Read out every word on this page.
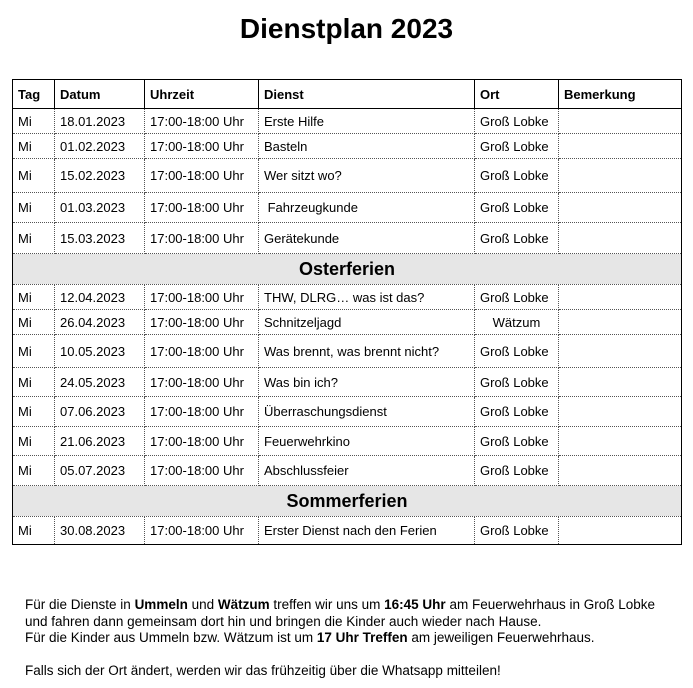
Dienstplan 2023
Tag	Datum	Uhrzeit	Dienst	Ort	Bemerkung
Mi	18.01.2023	17:00-18:00 Uhr	Erste Hilfe	Groß Lobke	
Mi	01.02.2023	17:00-18:00 Uhr	Basteln	Groß Lobke	
Mi	15.02.2023	17:00-18:00 Uhr	Wer sitzt wo?	Groß Lobke	
Mi	01.03.2023	17:00-18:00 Uhr	Fahrzeugkunde	Groß Lobke	
Mi	15.03.2023	17:00-18:00 Uhr	Gerätekunde	Groß Lobke	
Osterferien					
Mi	12.04.2023	17:00-18:00 Uhr	THW, DLRG… was ist das?	Groß Lobke	
Mi	26.04.2023	17:00-18:00 Uhr	Schnitzeljagd	Wätzum	
Mi	10.05.2023	17:00-18:00 Uhr	Was brennt, was brennt nicht?	Groß Lobke	
Mi	24.05.2023	17:00-18:00 Uhr	Was bin ich?	Groß Lobke	
Mi	07.06.2023	17:00-18:00 Uhr	Überraschungsdienst	Groß Lobke	
Mi	21.06.2023	17:00-18:00 Uhr	Feuerwehrkino	Groß Lobke	
Mi	05.07.2023	17:00-18:00 Uhr	Abschlussfeier	Groß Lobke	
Sommerferien					
Mi	30.08.2023	17:00-18:00 Uhr	Erster Dienst nach den Ferien	Groß Lobke	

Für die Dienste in Ummeln und Wätzum treffen wir uns um 16:45 Uhr am Feuerwehrhaus in Groß Lobke und fahren dann gemeinsam dort hin und bringen die Kinder auch wieder nach Hause.

Für die Kinder aus Ummeln bzw. Wätzum ist um 17 Uhr Treffen am jeweiligen Feuerwehrhaus.

Falls sich der Ort ändert, werden wir das frühzeitig über die Whatsapp mitteilen!
